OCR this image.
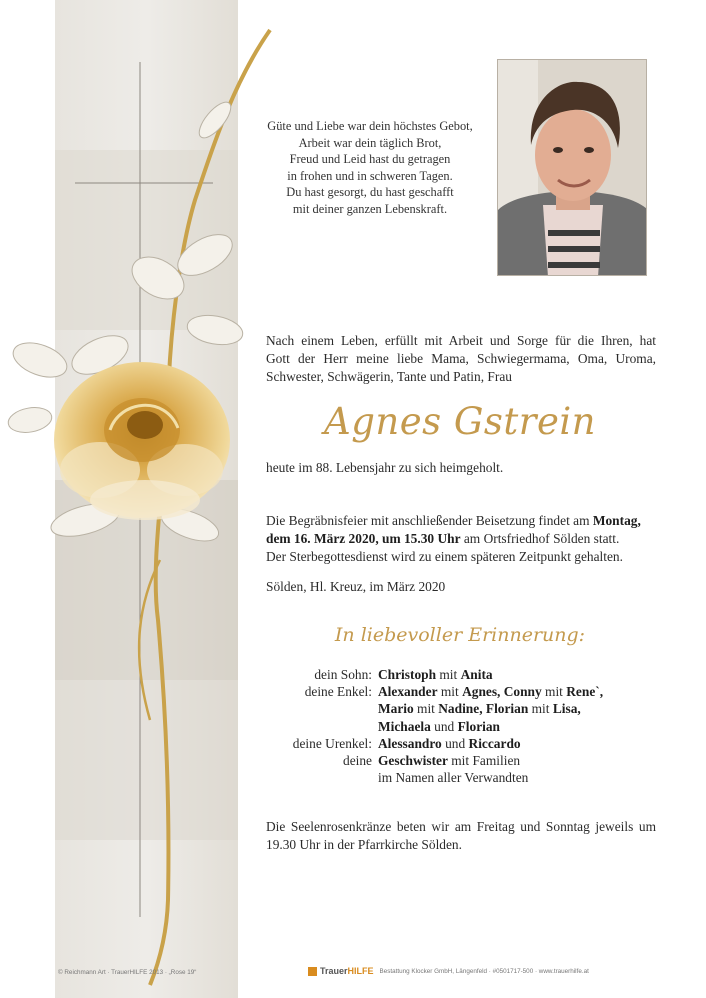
Güte und Liebe war dein höchstes Gebot,
Arbeit war dein täglich Brot,
Freud und Leid hast du getragen
in frohen und in schweren Tagen.
Du hast gesorgt, du hast geschafft
mit deiner ganzen Lebenskraft.
Nach einem Leben, erfüllt mit Arbeit und Sorge für die Ihren, hat
Gott der Herr meine liebe Mama, Schwiegermama, Oma, Uroma,
Schwester, Schwägerin, Tante und Patin, Frau
Agnes Gstrein
heute im 88. Lebensjahr zu sich heimgeholt.
Die Begräbnisfeier mit anschließender Beisetzung findet am Montag,
dem 16. März 2020, um 15.30 Uhr am Ortsfriedhof Sölden statt.
Der Sterbegottesdienst wird zu einem späteren Zeitpunkt gehalten.
Sölden, Hl. Kreuz, im März 2020
In liebevoller Erinnerung:
dein Sohn: Christoph mit Anita
deine Enkel: Alexander mit Agnes, Conny mit Rene`,
Mario mit Nadine, Florian mit Lisa,
Michaela und Florian
deine Urenkel: Alessandro und Riccardo
deine Geschwister mit Familien
im Namen aller Verwandten
Die Seelenrosenkränze beten wir am Freitag und Sonntag jeweils um
19.30 Uhr in der Pfarrkirche Sölden.
© Reichmann Art · TrauerHILFE 2013 · „Rose 19“	Trauer HILFE Bestattung Klocker GmbH, Längenfeld · #0501717-500 · www.trauerhilfe.at
